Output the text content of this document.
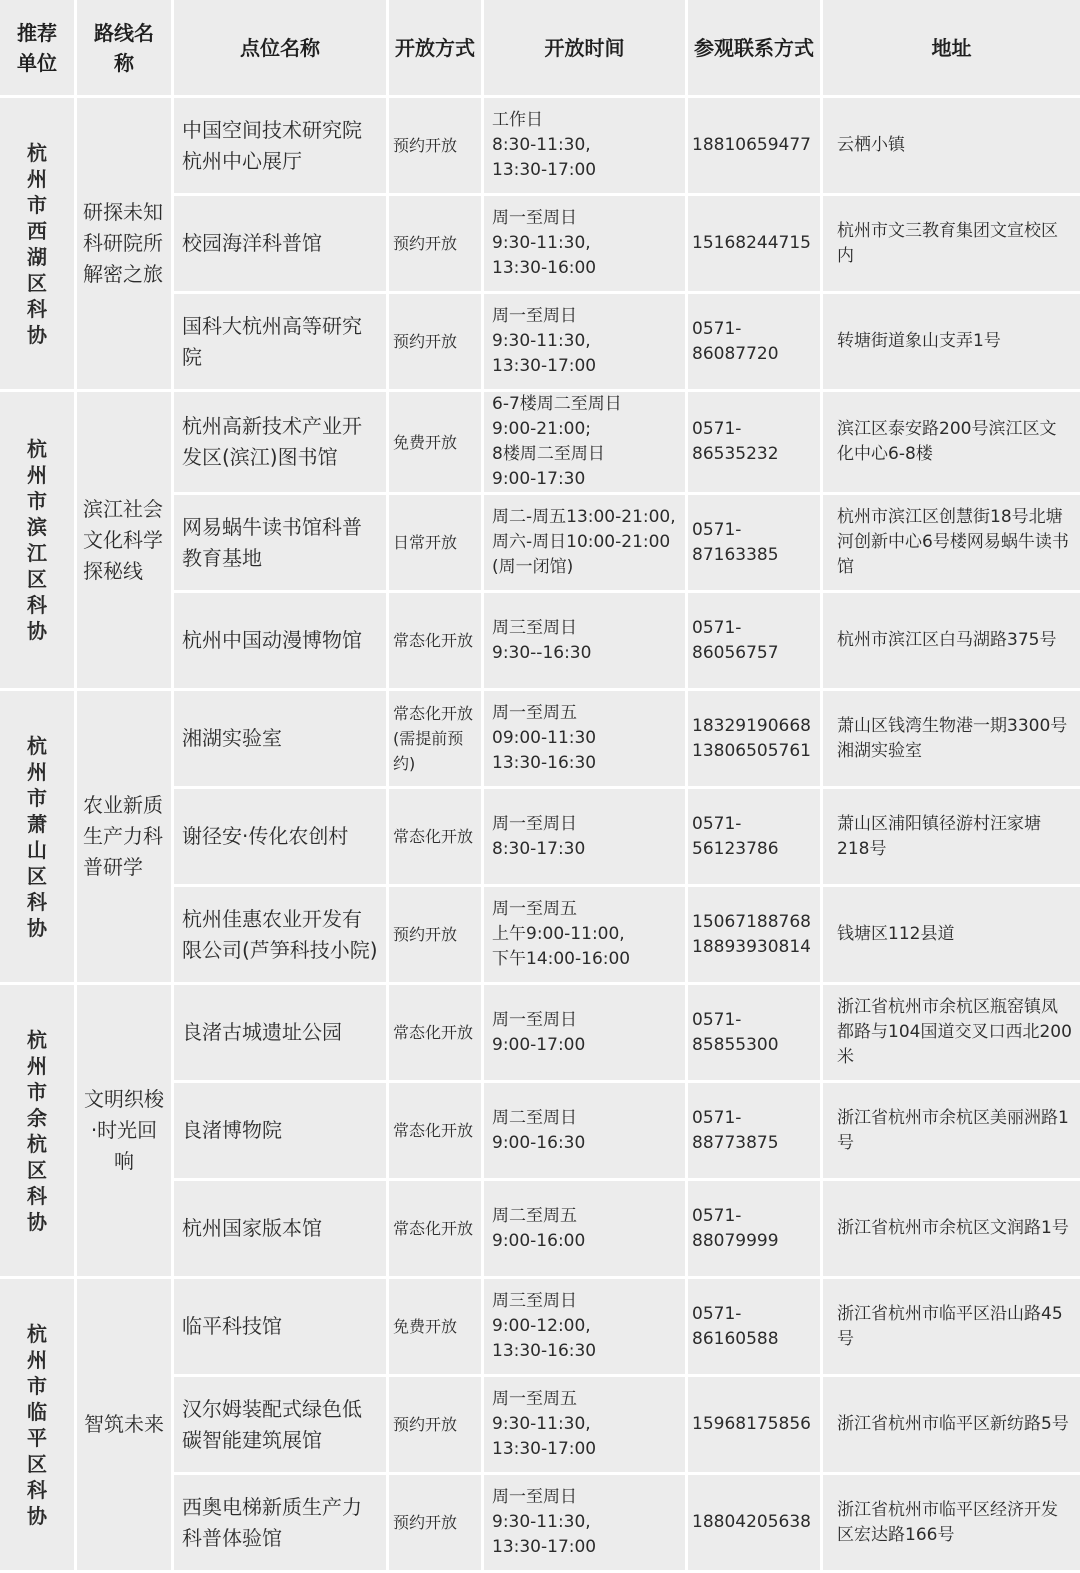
推荐单位	路线名称	点位名称	开放方式	开放时间	参观联系方式	地址
杭州市西湖区科协	研探未知科研院所解密之旅	中国空间技术研究院杭州中心展厅	预约开放	工作日
8:30-11:30,
13:30-17:00	18810659477	云栖小镇
		校园海洋科普馆	预约开放	周一至周日
9:30-11:30,
13:30-16:00	15168244715	杭州市文三教育集团文宣校区内
		国科大杭州高等研究院	预约开放	周一至周日
9:30-11:30,
13:30-17:00	0571-86087720	转塘街道象山支弄1号
杭州市滨江区科协	滨江社会文化科学探秘线	杭州高新技术产业开发区(滨江)图书馆	免费开放	6-7楼周二至周日
9:00-21:00;
8楼周二至周日
9:00-17:30	0571-86535232	滨江区泰安路200号滨江区文化中心6-8楼
		网易蜗牛读书馆科普教育基地	日常开放	周二-周五13:00-21:00,
周六-周日10:00-21:00
(周一闭馆)	0571-87163385	杭州市滨江区创慧街18号北塘河创新中心6号楼网易蜗牛读书馆
		杭州中国动漫博物馆	常态化开放	周三至周日
9:30--16:30	0571-86056757	杭州市滨江区白马湖路375号
杭州市萧山区科协	农业新质生产力科普研学	湘湖实验室	常态化开放(需提前预约)	周一至周五
09:00-11:30
13:30-16:30	18329190668
13806505761	萧山区钱湾生物港一期3300号湘湖实验室
		谢径安·传化农创村	常态化开放	周一至周日
8:30-17:30	0571-56123786	萧山区浦阳镇径游村汪家塘218号
		杭州佳惠农业开发有限公司(芦笋科技小院)	预约开放	周一至周五
上午9:00-11:00,
下午14:00-16:00	15067188768
18893930814	钱塘区112县道
杭州市余杭区科协	文明织梭·时光回响	良渚古城遗址公园	常态化开放	周一至周日
9:00-17:00	0571-85855300	浙江省杭州市余杭区瓶窑镇凤都路与104国道交叉口西北200米
		良渚博物院	常态化开放	周二至周日
9:00-16:30	0571-88773875	浙江省杭州市余杭区美丽洲路1号
		杭州国家版本馆	常态化开放	周二至周五
9:00-16:00	0571-88079999	浙江省杭州市余杭区文润路1号
杭州市临平区科协	智筑未来	临平科技馆	免费开放	周三至周日
9:00-12:00,
13:30-16:30	0571-86160588	浙江省杭州市临平区沿山路45号
		汉尔姆装配式绿色低碳智能建筑展馆	预约开放	周一至周五
9:30-11:30,
13:30-17:00	15968175856	浙江省杭州市临平区新纺路5号
		西奥电梯新质生产力科普体验馆	预约开放	周一至周日
9:30-11:30,
13:30-17:00	18804205638	浙江省杭州市临平区经济开发区宏达路166号
